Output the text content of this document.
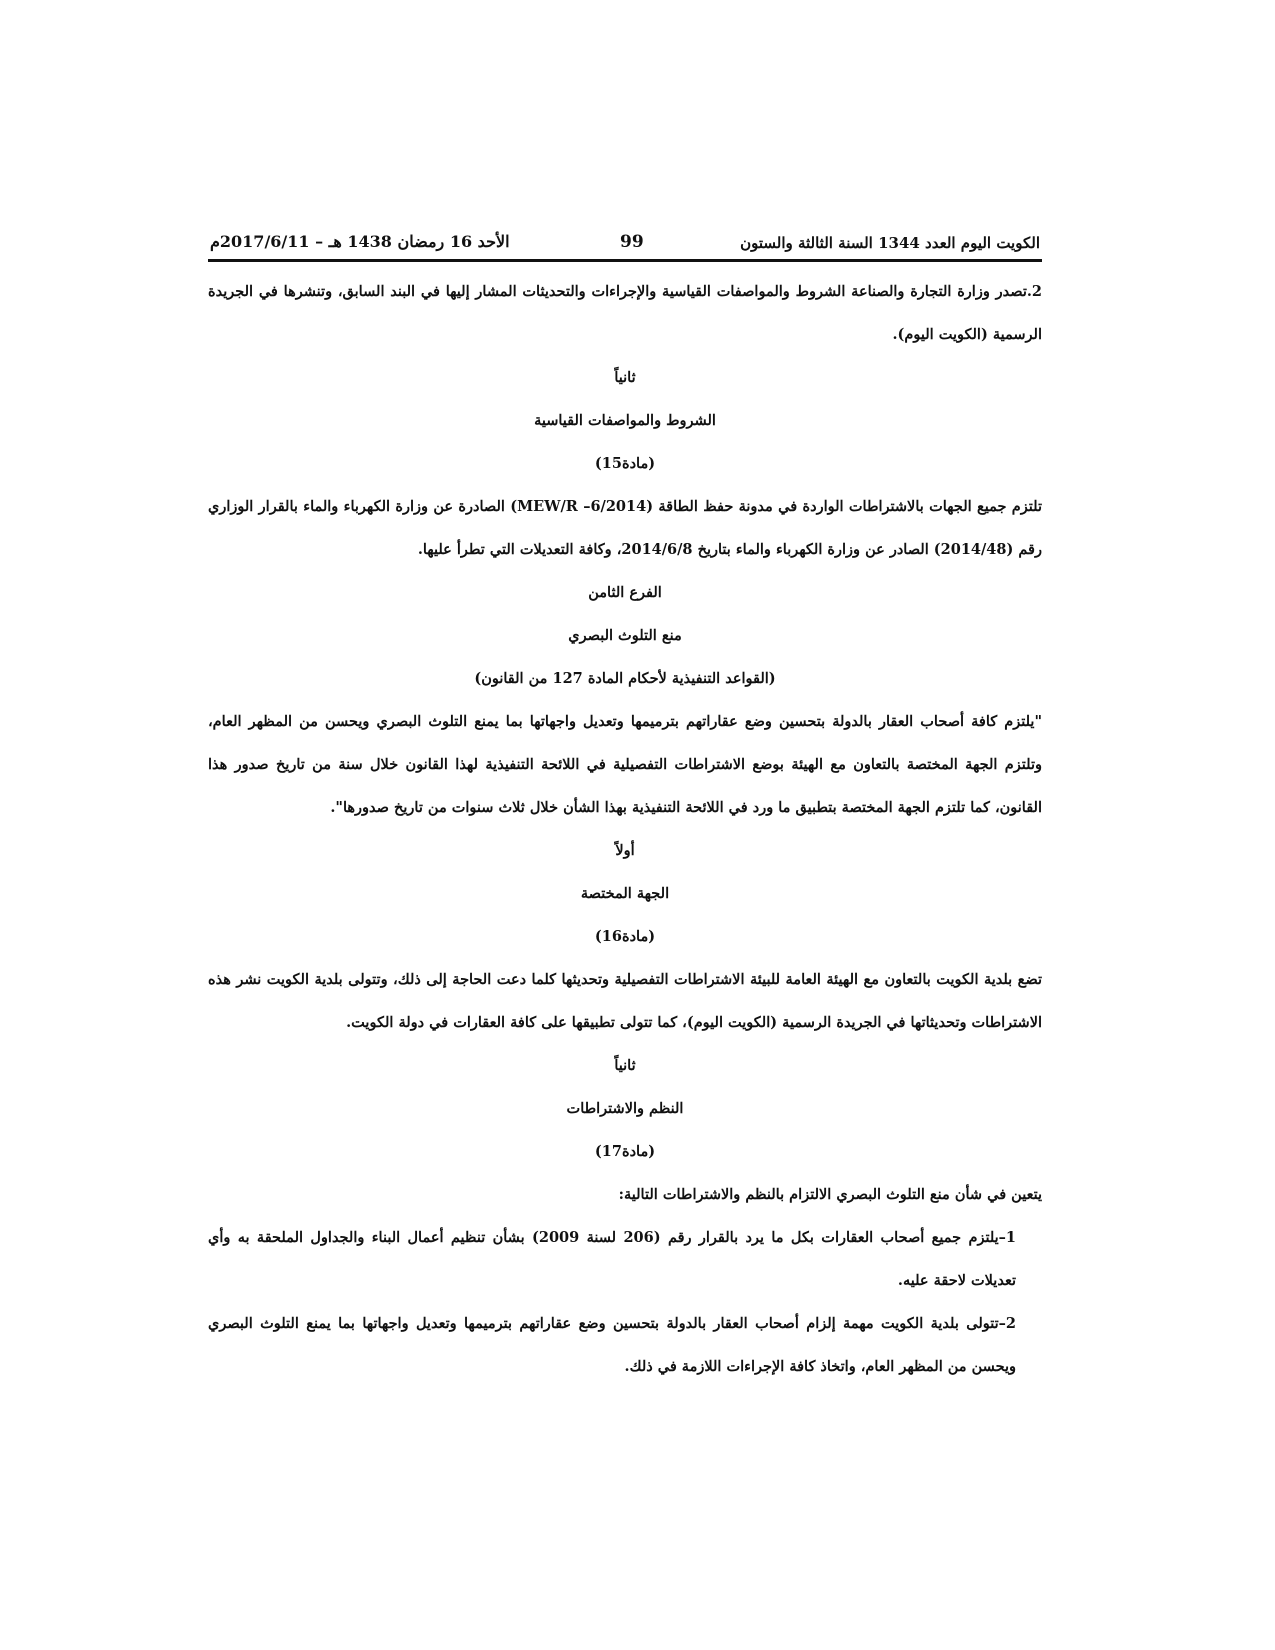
الكويت اليوم العدد 1344 السنة الثالثة والستون
99
الأحد 16 رمضان 1438 هـ – 2017/6/11م

2.تصدر وزارة التجارة والصناعة الشروط والمواصفات القياسية والإجراءات والتحديثات المشار إليها في البند السابق، وتنشرها في الجريدة الرسمية (الكويت اليوم).

ثانياً

الشروط والمواصفات القياسية

(مادة15)

تلتزم جميع الجهات بالاشتراطات الواردة في مدونة حفظ الطاقة (MEW/R –6/2014) الصادرة عن وزارة الكهرباء والماء بالقرار الوزاري رقم (2014/48) الصادر عن وزارة الكهرباء والماء بتاريخ 2014/6/8، وكافة التعديلات التي تطرأ عليها.

الفرع الثامن

منع التلوث البصري

(القواعد التنفيذية لأحكام المادة 127 من القانون)

"يلتزم كافة أصحاب العقار بالدولة بتحسين وضع عقاراتهم بترميمها وتعديل واجهاتها بما يمنع التلوث البصري ويحسن من المظهر العام، وتلتزم الجهة المختصة بالتعاون مع الهيئة بوضع الاشتراطات التفصيلية في اللائحة التنفيذية لهذا القانون خلال سنة من تاريخ صدور هذا القانون، كما تلتزم الجهة المختصة بتطبيق ما ورد في اللائحة التنفيذية بهذا الشأن خلال ثلاث سنوات من تاريخ صدورها".

أولاً

الجهة المختصة

(مادة16)

تضع بلدية الكويت بالتعاون مع الهيئة العامة للبيئة الاشتراطات التفصيلية وتحديثها كلما دعت الحاجة إلى ذلك، وتتولى بلدية الكويت نشر هذه الاشتراطات وتحديثاتها في الجريدة الرسمية (الكويت اليوم)، كما تتولى تطبيقها على كافة العقارات في دولة الكويت.

ثانياً

النظم والاشتراطات

(مادة17)

يتعين في شأن منع التلوث البصري الالتزام بالنظم والاشتراطات التالية:

1–يلتزم جميع أصحاب العقارات بكل ما يرد بالقرار رقم (206 لسنة 2009) بشأن تنظيم أعمال البناء والجداول الملحقة به وأي تعديلات لاحقة عليه.

2–تتولى بلدية الكويت مهمة إلزام أصحاب العقار بالدولة بتحسين وضع عقاراتهم بترميمها وتعديل واجهاتها بما يمنع التلوث البصري ويحسن من المظهر العام، واتخاذ كافة الإجراءات اللازمة في ذلك.
